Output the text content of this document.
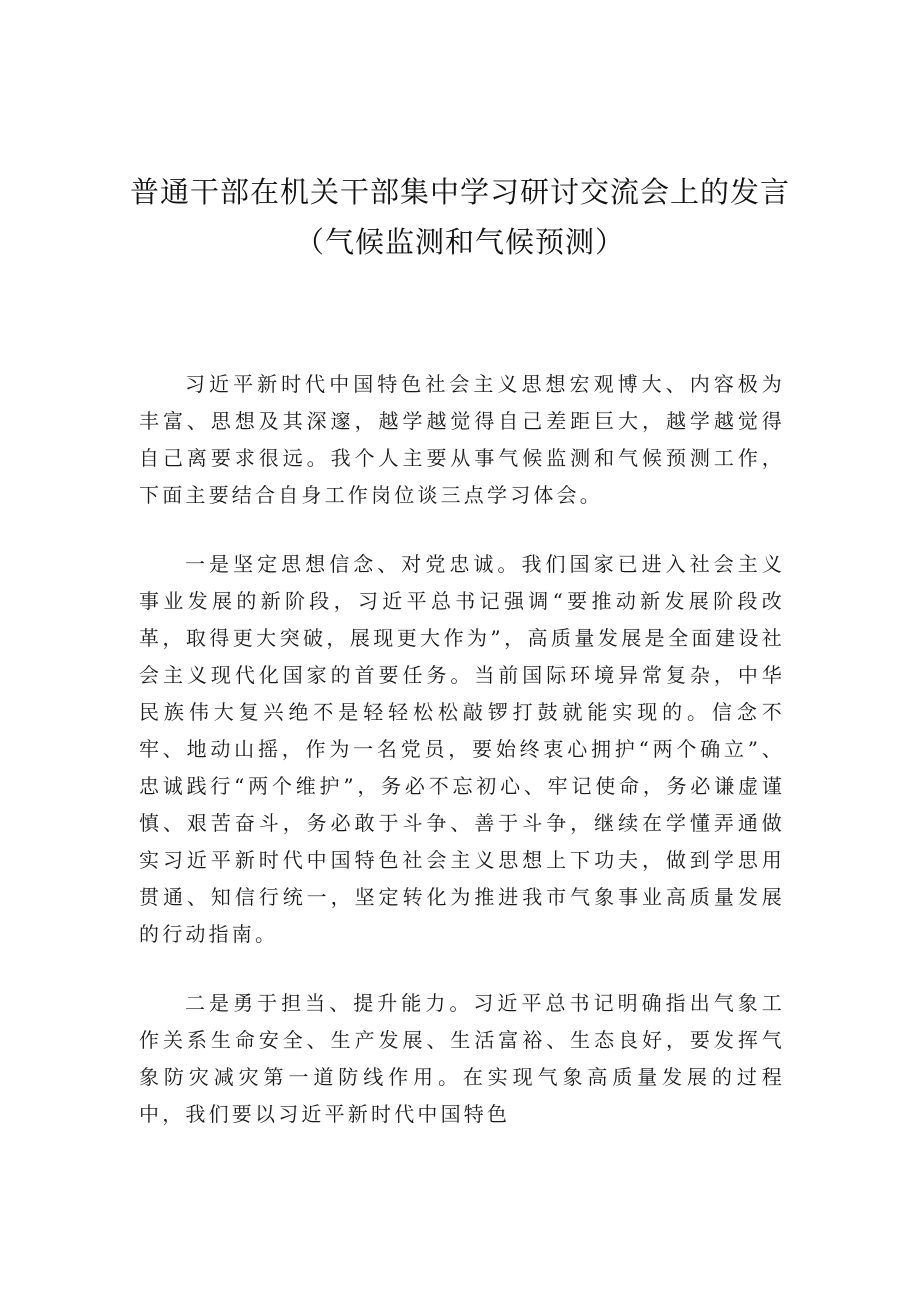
普通干部在机关干部集中学习研讨交流会上的发言
（气候监测和气候预测）

习近平新时代中国特色社会主义思想宏观博大、内容极为丰富、思想及其深邃，越学越觉得自己差距巨大，越学越觉得自己离要求很远。我个人主要从事气候监测和气候预测工作，下面主要结合自身工作岗位谈三点学习体会。

一是坚定思想信念、对党忠诚。我们国家已进入社会主义事业发展的新阶段，习近平总书记强调“要推动新发展阶段改革，取得更大突破，展现更大作为”，高质量发展是全面建设社会主义现代化国家的首要任务。当前国际环境异常复杂，中华民族伟大复兴绝不是轻轻松松敲锣打鼓就能实现的。信念不牢、地动山摇，作为一名党员，要始终衷心拥护“两个确立”、忠诚践行“两个维护”，务必不忘初心、牢记使命，务必谦虚谨慎、艰苦奋斗，务必敢于斗争、善于斗争，继续在学懂弄通做实习近平新时代中国特色社会主义思想上下功夫，做到学思用贯通、知信行统一，坚定转化为推进我市气象事业高质量发展的行动指南。

二是勇于担当、提升能力。习近平总书记明确指出气象工作关系生命安全、生产发展、生活富裕、生态良好，要发挥气象防灾减灾第一道防线作用。在实现气象高质量发展的过程中，我们要以习近平新时代中国特色
